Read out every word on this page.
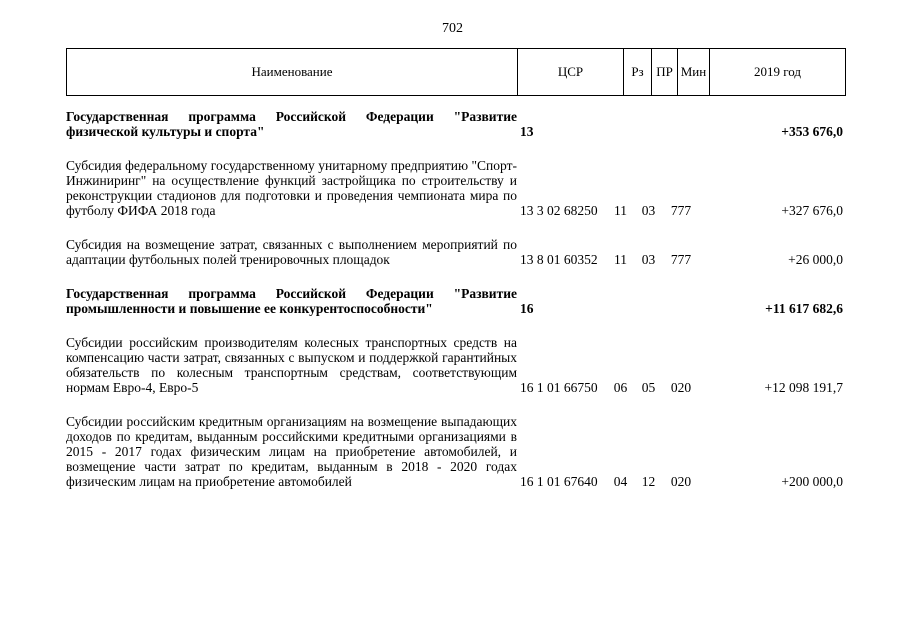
702
Наименование	ЦСР	Рз ПР Мин	2019 год
Государственная программа Российской Федерации "Развитие физической культуры и спорта"	13	+353 676,0
Субсидия федеральному государственному унитарному предприятию "Спорт-Инжиниринг" на осуществление функций застройщика по строительству и реконструкции стадионов для подготовки и проведения чемпионата мира по футболу ФИФА 2018 года	13 3 02 68250	11	03	777	+327 676,0
Субсидия на возмещение затрат, связанных с выполнением мероприятий по адаптации футбольных полей тренировочных площадок	13 8 01 60352	11	03	777	+26 000,0
Государственная программа Российской Федерации "Развитие промышленности и повышение ее конкурентоспособности"	16	+11 617 682,6
Субсидии российским производителям колесных транспортных средств на компенсацию части затрат, связанных с выпуском и поддержкой гарантийных обязательств по колесным транспортным средствам, соответствующим нормам Евро-4, Евро-5	16 1 01 66750	06	05	020	+12 098 191,7
Субсидии российским кредитным организациям на возмещение выпадающих доходов по кредитам, выданным российскими кредитными организациями в 2015 - 2017 годах физическим лицам на приобретение автомобилей, и возмещение части затрат по кредитам, выданным в 2018 - 2020 годах физическим лицам на приобретение автомобилей	16 1 01 67640	04	12	020	+200 000,0
